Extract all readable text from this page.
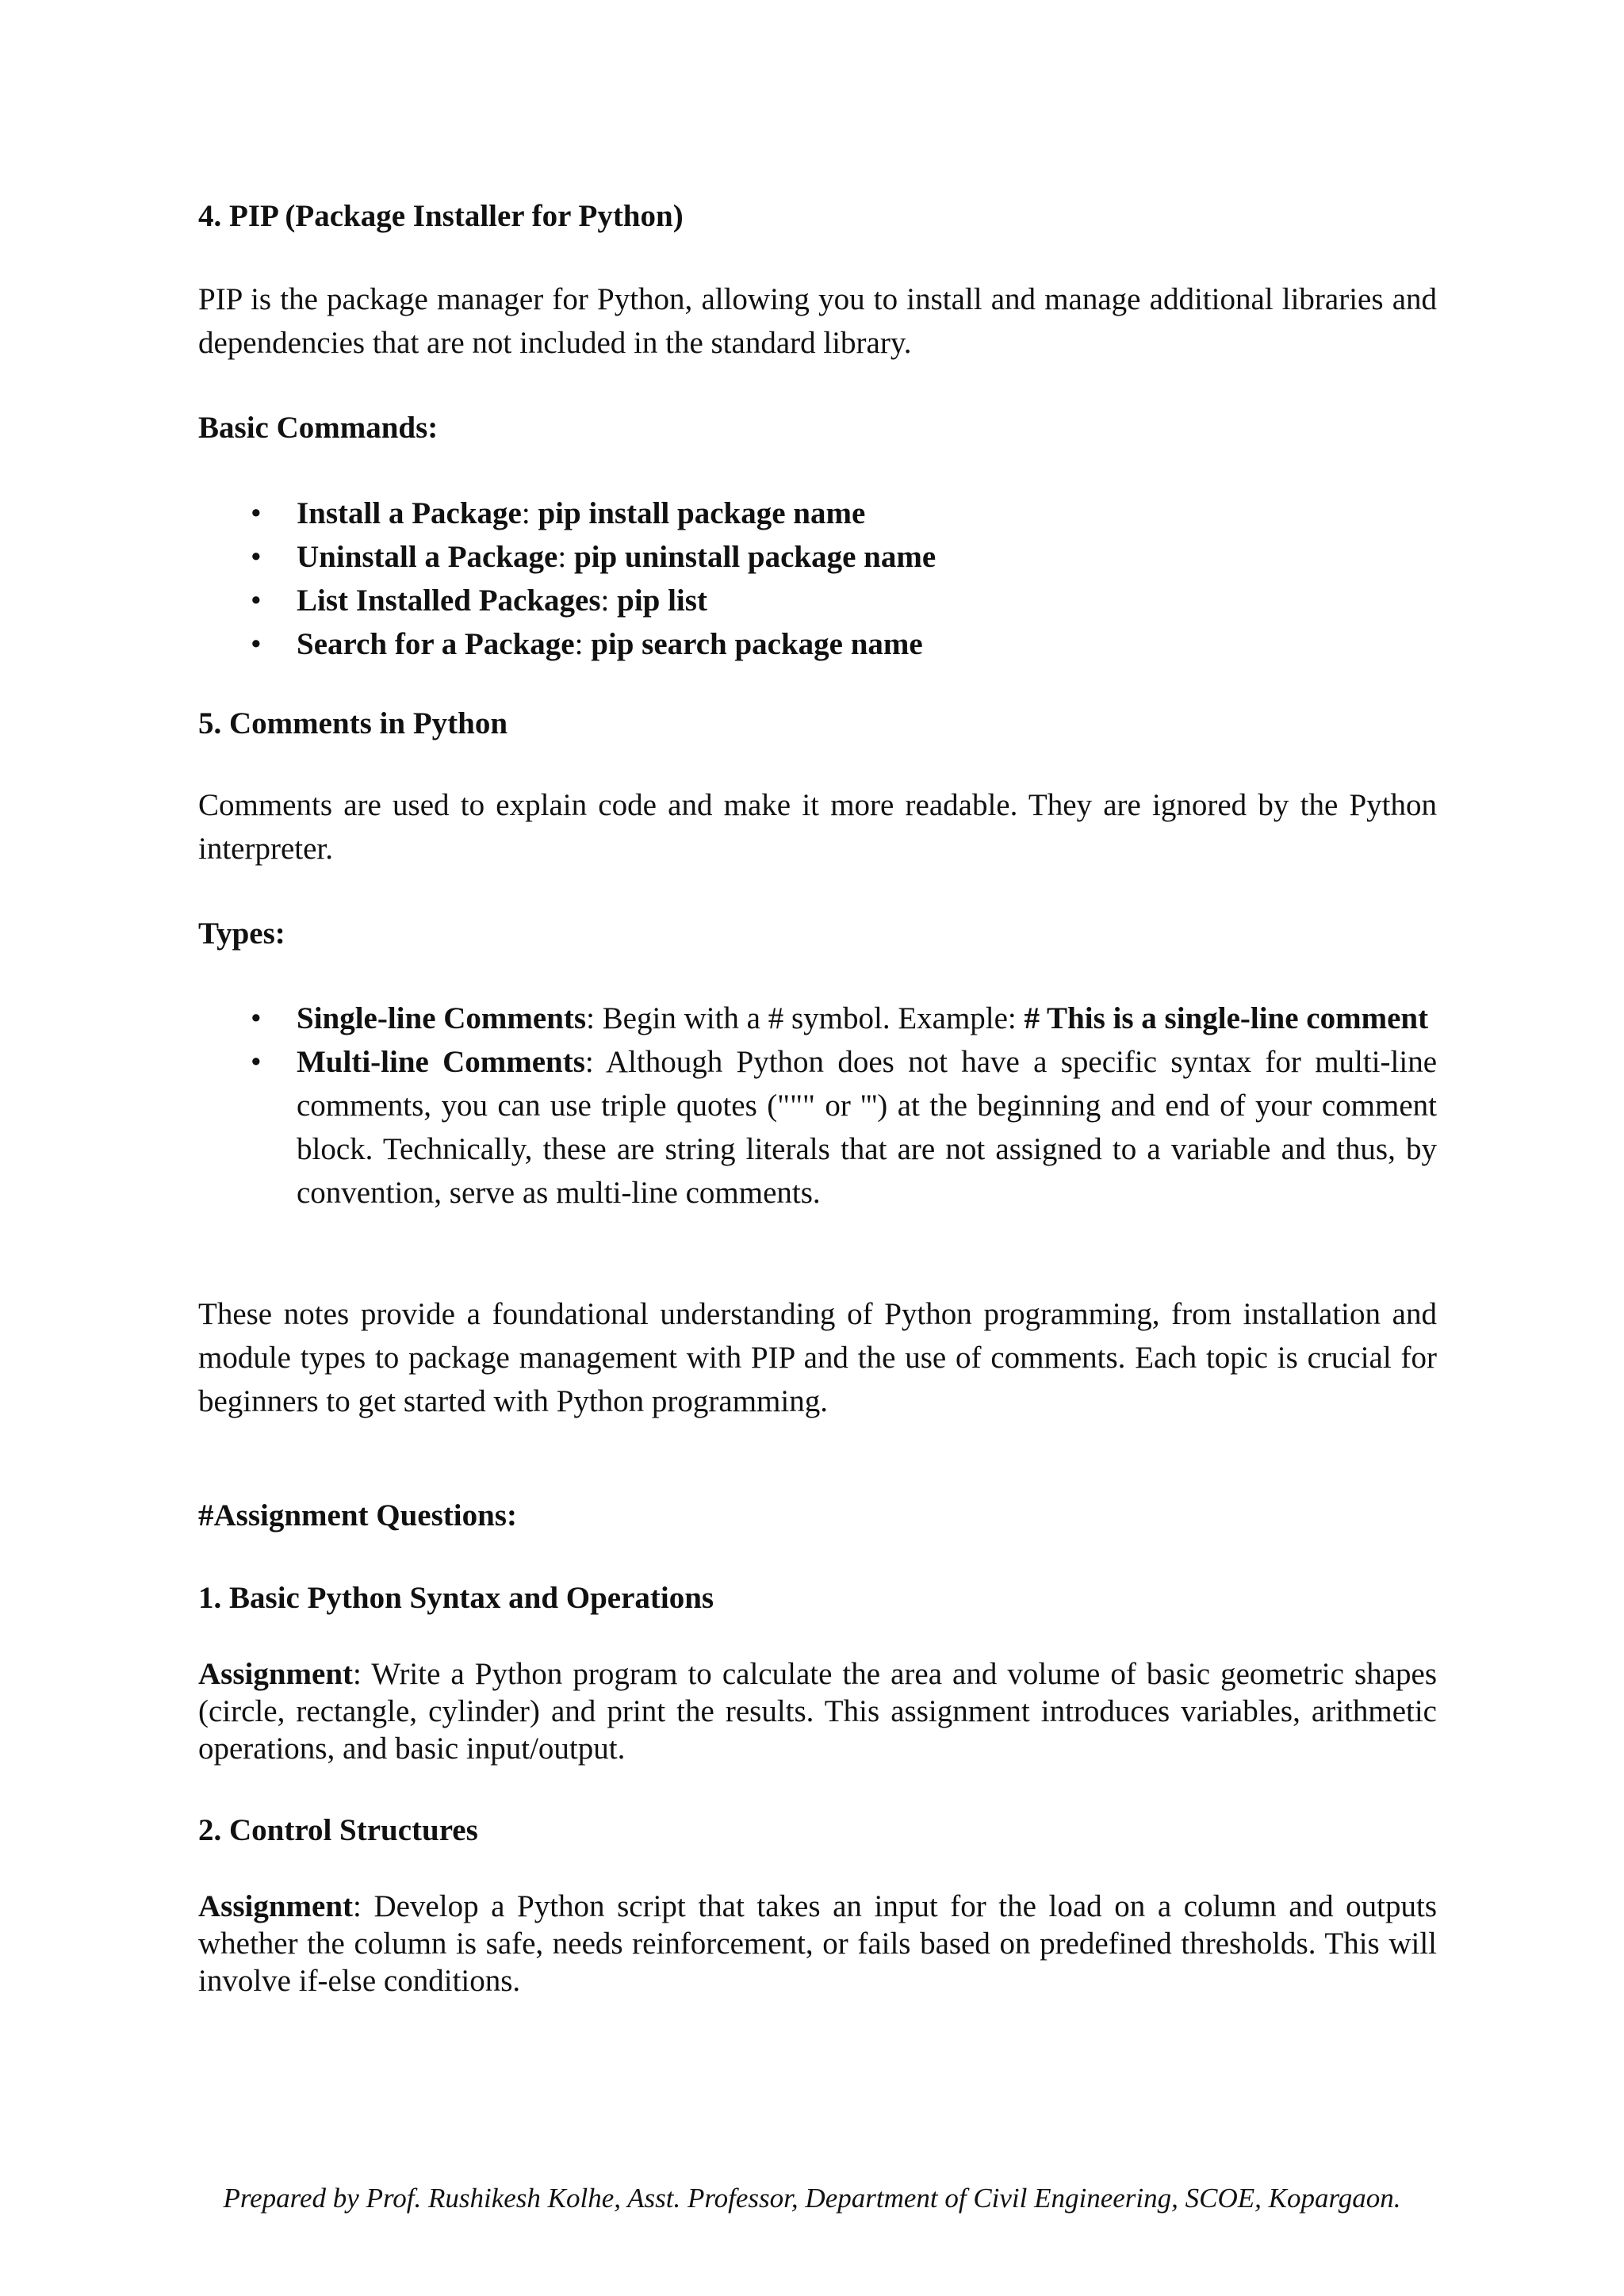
4. PIP (Package Installer for Python)

PIP is the package manager for Python, allowing you to install and manage additional libraries and dependencies that are not included in the standard library.

Basic Commands:
• Install a Package: pip install package name
• Uninstall a Package: pip uninstall package name
• List Installed Packages: pip list
• Search for a Package: pip search package name
5. Comments in Python

Comments are used to explain code and make it more readable. They are ignored by the Python interpreter.

Types:
• Single-line Comments: Begin with a # symbol. Example: # This is a single-line comment
• Multi-line Comments: Although Python does not have a specific syntax for multi-line comments, you can use triple quotes (""" or ''') at the beginning and end of your comment block. Technically, these are string literals that are not assigned to a variable and thus, by convention, serve as multi-line comments.

These notes provide a foundational understanding of Python programming, from installation and module types to package management with PIP and the use of comments. Each topic is crucial for beginners to get started with Python programming.

#Assignment Questions:
1. Basic Python Syntax and Operations

Assignment: Write a Python program to calculate the area and volume of basic geometric shapes (circle, rectangle, cylinder) and print the results. This assignment introduces variables, arithmetic operations, and basic input/output.

2. Control Structures

Assignment: Develop a Python script that takes an input for the load on a column and outputs whether the column is safe, needs reinforcement, or fails based on predefined thresholds. This will involve if-else conditions.

Prepared by Prof. Rushikesh Kolhe, Asst. Professor, Department of Civil Engineering, SCOE, Kopargaon.
